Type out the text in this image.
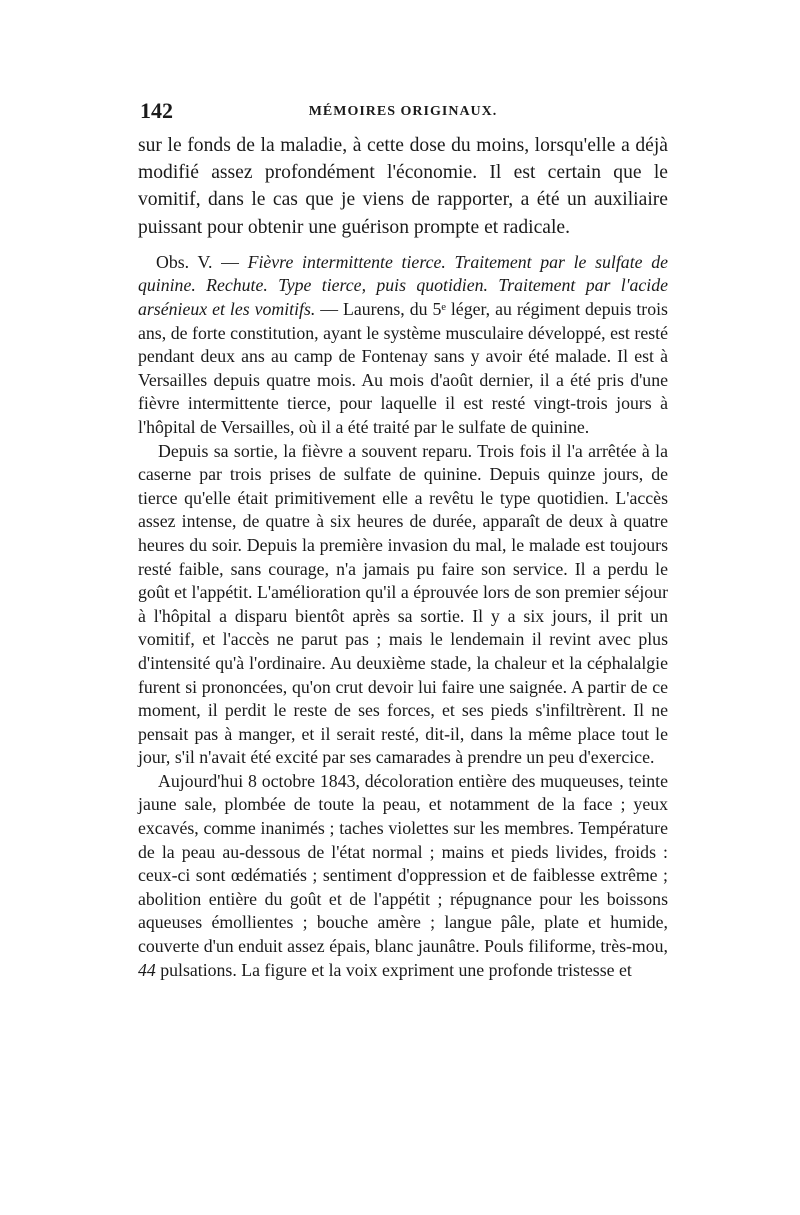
142	MÉMOIRES ORIGINAUX.

sur le fonds de la maladie, à cette dose du moins, lorsqu'elle a déjà modifié assez profondément l'économie. Il est certain que le vomitif, dans le cas que je viens de rapporter, a été un auxiliaire puissant pour obtenir une guérison prompte et radicale.

Obs. V. — Fièvre intermittente tierce. Traitement par le sulfate de quinine. Rechute. Type tierce, puis quotidien. Traitement par l'acide arsénieux et les vomitifs. — Laurens, du 5ᵉ léger, au régiment depuis trois ans, de forte constitution, ayant le système musculaire développé, est resté pendant deux ans au camp de Fontenay sans y avoir été malade. Il est à Versailles depuis quatre mois. Au mois d'août dernier, il a été pris d'une fièvre intermittente tierce, pour laquelle il est resté vingt-trois jours à l'hôpital de Versailles, où il a été traité par le sulfate de quinine.

Depuis sa sortie, la fièvre a souvent reparu. Trois fois il l'a arrêtée à la caserne par trois prises de sulfate de quinine. Depuis quinze jours, de tierce qu'elle était primitivement elle a revêtu le type quotidien. L'accès assez intense, de quatre à six heures de durée, apparaît de deux à quatre heures du soir. Depuis la première invasion du mal, le malade est toujours resté faible, sans courage, n'a jamais pu faire son service. Il a perdu le goût et l'appétit. L'amélioration qu'il a éprouvée lors de son premier séjour à l'hôpital a disparu bientôt après sa sortie. Il y a six jours, il prit un vomitif, et l'accès ne parut pas ; mais le lendemain il revint avec plus d'intensité qu'à l'ordinaire. Au deuxième stade, la chaleur et la céphalalgie furent si prononcées, qu'on crut devoir lui faire une saignée. A partir de ce moment, il perdit le reste de ses forces, et ses pieds s'infiltrèrent. Il ne pensait pas à manger, et il serait resté, dit-il, dans la même place tout le jour, s'il n'avait été excité par ses camarades à prendre un peu d'exercice.

Aujourd'hui 8 octobre 1843, décoloration entière des muqueuses, teinte jaune sale, plombée de toute la peau, et notamment de la face ; yeux excavés, comme inanimés ; taches violettes sur les membres. Température de la peau au-dessous de l'état normal ; mains et pieds livides, froids : ceux-ci sont œdématiés ; sentiment d'oppression et de faiblesse extrême ; abolition entière du goût et de l'appétit ; répugnance pour les boissons aqueuses émollientes ; bouche amère ; langue pâle, plate et humide, couverte d'un enduit assez épais, blanc jaunâtre. Pouls filiforme, très-mou, 44 pulsations. La figure et la voix expriment une profonde tristesse et
